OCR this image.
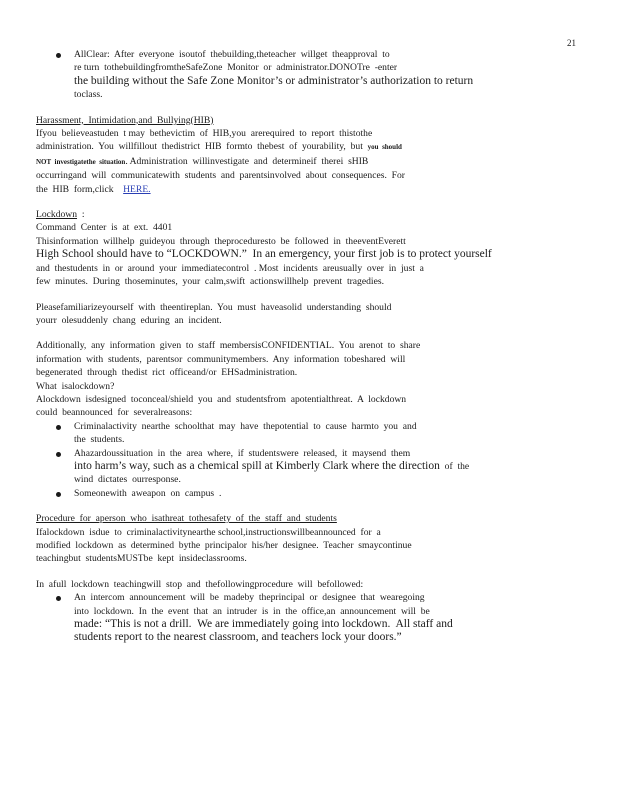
21
AllClear:  After  everyone  isoutof  thebuilding,theteacher  willget  theapproval  to
re turn  tothebuildingfromtheSafeZone  Monitor  or  administrator.DONOTre  -enter
the building without the Safe Zone Monitor’s or administrator’s authorization to return
toclass.
Harassment,  Intimidation,and  Bullying(HIB)
Ifyou  believeastuden  t may  bethevictim  of  HIB,you  arerequired  to  report  thistothe
administration.  You  willfillout  thedistrict  HIB  formto  thebest  of  yourability,  but you  should
NOT  investigatethe  situation. Administration  willinvestigate  and  determineif  therei  sHIB
occurringand  will  communicatewith  students  and  parentsinvolved  about  consequences.  For
the  HIB  form,click HERE.
Lockdown :
Command  Center  is  at  ext.  4401
Thisinformation  willhelp  guideyou  through  theproceduresto  be  followed  in  theeventEverett
High School should have to “LOCKDOWN.”  In an emergency, your first job is to protect yourself
and  thestudents  in  or  around  your  immediatecontrol  . Most  incidents  areusually  over  in  just  a
few  minutes.  During  thoseminutes,  your  calm,swift  actionswillhelp  prevent  tragedies.
Pleasefamiliarizeyourself  with  theentireplan.  You  must  haveasolid  understanding  should
yourr  olesuddenly  chang  eduring  an  incident.
Additionally,  any  information  given  to  staff  membersisCONFIDENTIAL.  You  arenot  to  share
information  with  students,  parentsor  communitymembers.  Any  information  tobeshared  will
begenerated  through  thedist  rict  officeand/or  EHSadministration.
What  isalockdown?
Alockdown  isdesigned  toconceal/shield  you  and  studentsfrom  apotentialthreat.  A  lockdown
could  beannounced  for  severalreasons:
Criminalactivity  nearthe  schoolthat  may  have  thepotential  to  cause  harmto  you  and
the  students.
Ahazardoussituation  in  the  area  where,  if  studentswere  released,  it  maysend  them
into harm’s way, such as a chemical spill at Kimberly Clark where the direction of  the
wind  dictates  ourresponse.
Someonewith  aweapon  on  campus  .
Procedure  for  aperson  who  isathreat  tothesafety  of  the  staff  and  students
Ifalockdown  isdue  to  criminalactivitynearthe school,instructionswillbeannounced  for  a
modified  lockdown  as  determined  bythe  principalor  his/her  designee.  Teacher  smaycontinue
teachingbut  studentsMUSTbe  kept  insideclassrooms.
In  afull  lockdown  teachingwill  stop  and  thefollowingprocedure  will  befollowed:
An  intercom  announcement  will  be  madeby  theprincipal  or  designee  that  wearegoing
into  lockdown.  In  the  event  that  an  intruder  is  in  the  office,an  announcement  will  be
made: “This is not a drill.  We are immediately going into lockdown.  All staff and
students report to the nearest classroom, and teachers lock your doors.”
